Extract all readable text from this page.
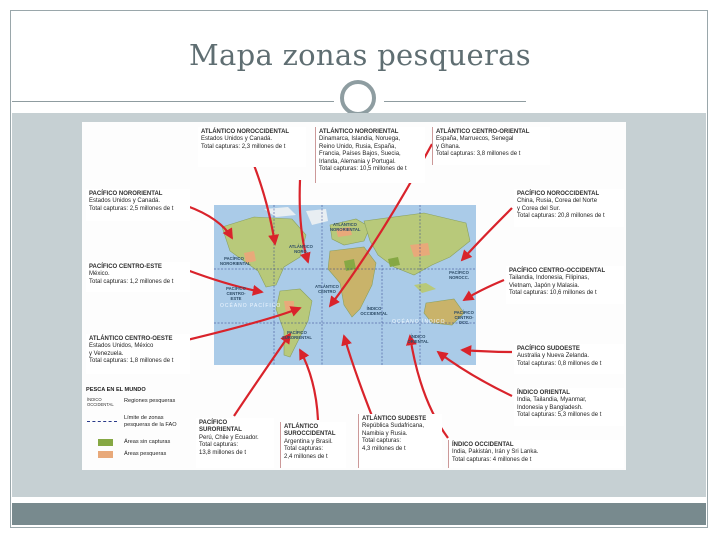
Mapa zonas pesqueras
OCÉANO PACÍFICO
OCÉANO ÍNDICO
ATLÁNTICO
NORORIENTAL
ATLÁNTICO
NORO.
ATLÁNTICO
CENTRO
PACÍFICO
NORORIENTAL
PACÍFICO
CENTRO-ESTE
PACÍFICO
SURORIENTAL
PACÍFICO
NOROCC.
PACÍFICO
CENTRO-OCC.
ÍNDICO
ORIENTAL
ÍNDICO
OCCIDENTAL
ATLÁNTICO NOROCCIDENTAL
Estados Unidos y Canadá.
Total capturas: 2,3 millones de t
ATLÁNTICO NORORIENTAL
Dinamarca, Islandia, Noruega,
Reino Unido, Rusia, España,
Francia, Países Bajos, Suecia,
Irlanda, Alemania y Portugal.
Total capturas: 10,5 millones de t
ATLÁNTICO CENTRO-ORIENTAL
España, Marruecos, Senegal
y Ghana.
Total capturas: 3,8 millones de t
PACÍFICO NORORIENTAL
Estados Unidos y Canadá.
Total capturas: 2,5 millones de t
PACÍFICO NOROCCIDENTAL
China, Rusia, Corea del Norte
y Corea del Sur.
Total capturas: 20,8 millones de t
PACÍFICO CENTRO-ESTE
México.
Total capturas: 1,2 millones de t
PACÍFICO CENTRO-OCCIDENTAL
Tailandia, Indonesia, Filipinas,
Vietnam, Japón y Malasia.
Total capturas: 10,6 millones de t
ATLÁNTICO CENTRO-OESTE
Estados Unidos, México
y Venezuela.
Total capturas: 1,8 millones de t
PACÍFICO SUDOESTE
Australia y Nueva Zelanda.
Total capturas: 0,8 millones de t
ÍNDICO ORIENTAL
India, Tailandia, Myanmar,
Indonesia y Bangladesh.
Total capturas: 5,3 millones de t
PACÍFICO SURORIENTAL
Perú, Chile y Ecuador.
Total capturas:
13,8 millones de t
ATLÁNTICO SUROCCIDENTAL
Argentina y Brasil.
Total capturas:
2,4 millones de t
ATLÁNTICO SUDESTE
República Sudafricana,
Namibia y Rusia.
Total capturas:
4,3 millones de t
ÍNDICO OCCIDENTAL
India, Pakistán, Irán y Sri Lanka.
Total capturas: 4 millones de t
PESCA EN EL MUNDO
ÍNDICO OCCIDENTAL
Regiones pesqueras
Límite de zonas pesqueras de la FAO
Áreas sin capturas
Áreas pesqueras
